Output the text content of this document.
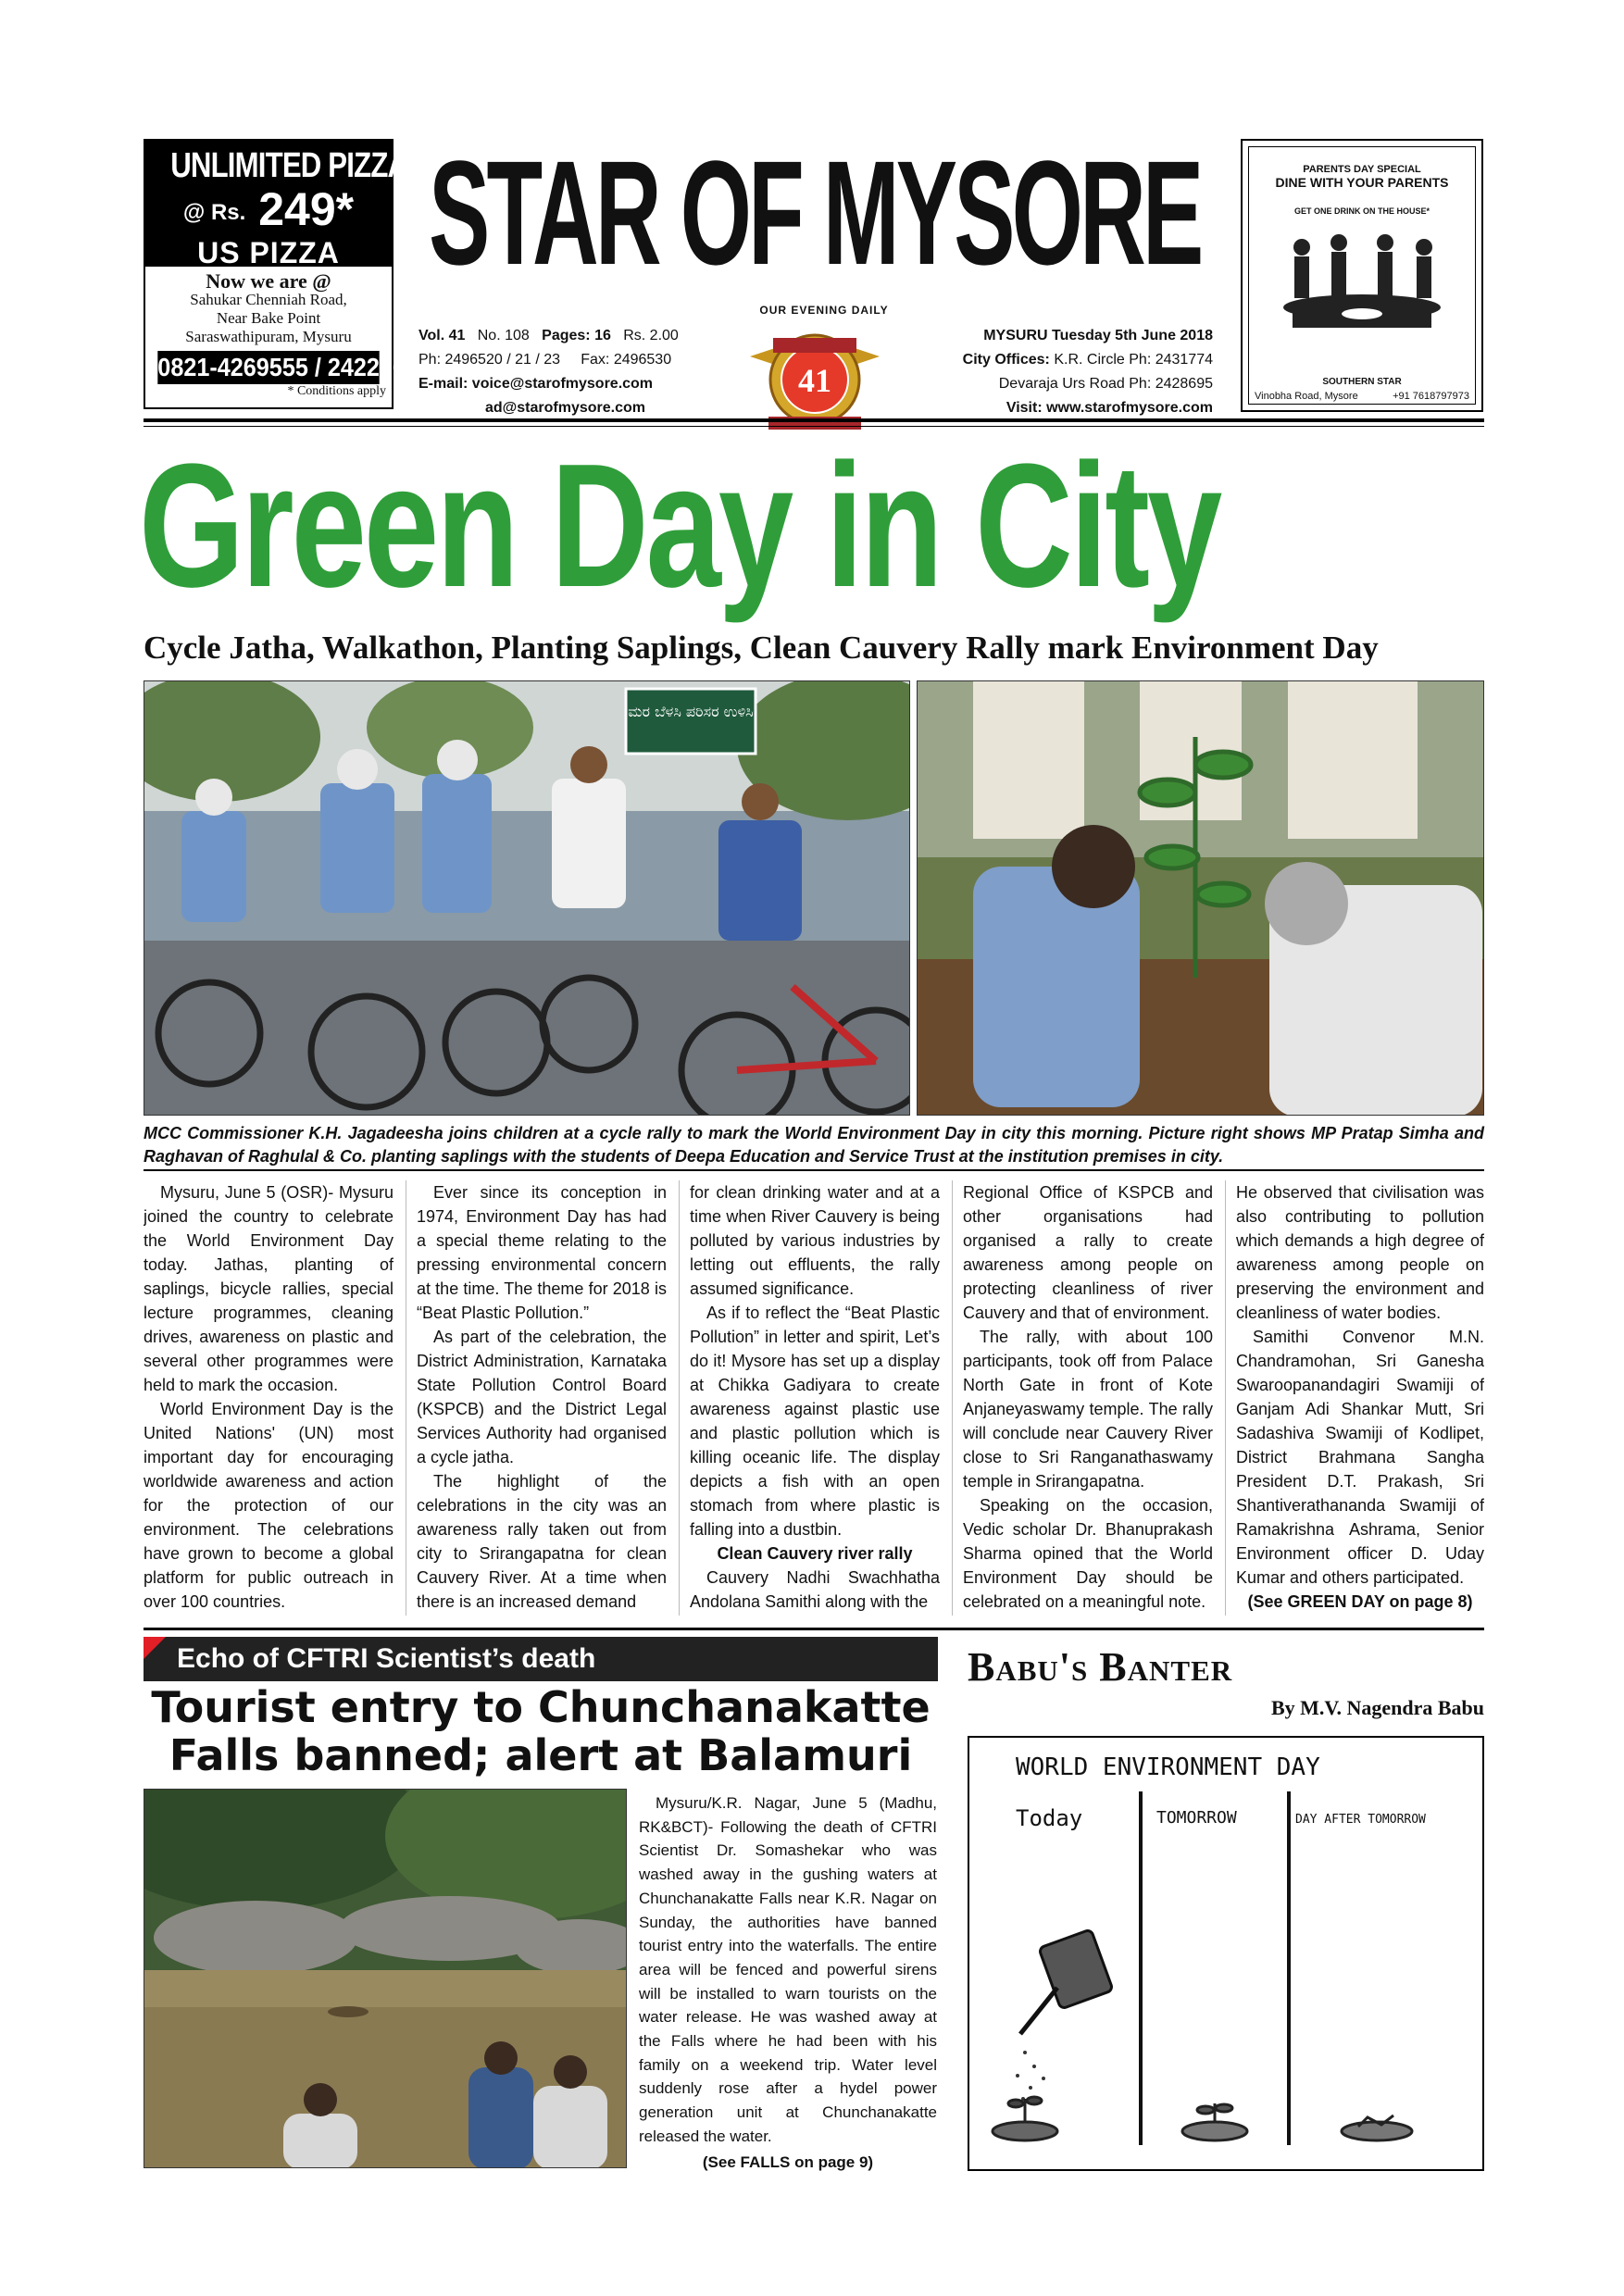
UNLIMITED PIZZA
@ Rs. 249*
US PIZZA
Now we are @
Sahukar Chenniah Road,
Near Bake Point
Saraswathipuram, Mysuru
0821-4269555 / 2422666
* Conditions apply
STAR OF MYSORE
OUR EVENING DAILY
Vol. 41 No. 108 Pages: 16 Rs. 2.00
Ph: 2496520 / 21 / 23 Fax: 2496530
E-mail: voice@starofmysore.com
ad@starofmysore.com
41
MYSURU Tuesday 5th June 2018
City Offices: K.R. Circle Ph: 2431774
Devaraja Urs Road Ph: 2428695
Visit: www.starofmysore.com
PARENTS DAY SPECIAL
DINE WITH YOUR PARENTS
GET ONE DRINK ON THE HOUSE*
SOUTHERN STAR
Vinobha Road, Mysore	+91 7618797973
Green Day in City
Cycle Jatha, Walkathon, Planting Saplings, Clean Cauvery Rally mark Environment Day
ಮರ ಬೆಳಸಿ ಪರಿಸರ ಉಳಿಸಿ
MCC Commissioner K.H. Jagadeesha joins children at a cycle rally to mark the World Environment Day in city this morning. Picture right shows MP Pratap Simha and Raghavan of Raghulal & Co. planting saplings with the students of Deepa Education and Service Trust at the institution premises in city.

Mysuru, June 5 (OSR)- Mysuru joined the country to celebrate the World Environment Day today. Jathas, planting of saplings, bicycle rallies, special lecture programmes, cleaning drives, awareness on plastic and several other programmes were held to mark the occasion.

World Environment Day is the United Nations' (UN) most important day for encouraging worldwide awareness and action for the protection of our environment. The celebrations have grown to become a global platform for public outreach in over 100 countries.

Ever since its conception in 1974, Environment Day has had a special theme relating to the pressing environmental concern at the time. The theme for 2018 is “Beat Plastic Pollution.”

As part of the celebration, the District Administration, Karnataka State Pollution Control Board (KSPCB) and the District Legal Services Authority had organised a cycle jatha.

The highlight of the celebrations in the city was an awareness rally taken out from city to Srirangapatna for clean Cauvery River. At a time when there is an increased demand

for clean drinking water and at a time when River Cauvery is being polluted by various industries by letting out effluents, the rally assumed significance.

As if to reflect the “Beat Plastic Pollution” in letter and spirit, Let’s do it! Mysore has set up a display at Chikka Gadiyara to create awareness against plastic use and plastic pollution which is killing oceanic life. The display depicts a fish with an open stomach from where plastic is falling into a dustbin.

Clean Cauvery river rally

Cauvery Nadhi Swachhatha Andolana Samithi along with the

Regional Office of KSPCB and other organisations had organised a rally to create awareness among people on protecting cleanliness of river Cauvery and that of environment.

The rally, with about 100 participants, took off from Palace North Gate in front of Kote Anjaneyaswamy temple. The rally will conclude near Cauvery River close to Sri Ranganathaswamy temple in Srirangapatna.

Speaking on the occasion, Vedic scholar Dr. Bhanuprakash Sharma opined that the World Environment Day should be celebrated on a meaningful note.

He observed that civilisation was also contributing to pollution which demands a high degree of awareness among people on preserving the environment and cleanliness of water bodies.

Samithi Convenor M.N. Chandramohan, Sri Ganesha Swaroopanandagiri Swamiji of Ganjam Adi Shankar Mutt, Sri Sadashiva Swamiji of Kodlipet, District Brahmana Sangha President D.T. Prakash, Sri Shantiverathananda Swamiji of Ramakrishna Ashrama, Senior Environment officer D. Uday Kumar and others participated.

(See GREEN DAY on page 8)

Echo of CFTRI Scientist’s death
Tourist entry to Chunchanakatte
Falls banned; alert at Balamuri

Mysuru/K.R. Nagar, June 5 (Madhu, RK&BCT)- Following the death of CFTRI Scientist Dr. Somashekar who was washed away in the gushing waters at Chunchanakatte Falls near K.R. Nagar on Sunday, the authorities have banned tourist entry into the waterfalls. The entire area will be fenced and powerful sirens will be installed to warn tourists on the water release. He was washed away at the Falls where he had been with his family on a weekend trip. Water level suddenly rose after a hydel power generation unit at Chunchanakatte released the water.

(See FALLS on page 9)

Babu's Banter
By M.V. Nagendra Babu
WORLD ENVIRONMENT DAY
Today	TOMORROW	DAY AFTER TOMORROW
